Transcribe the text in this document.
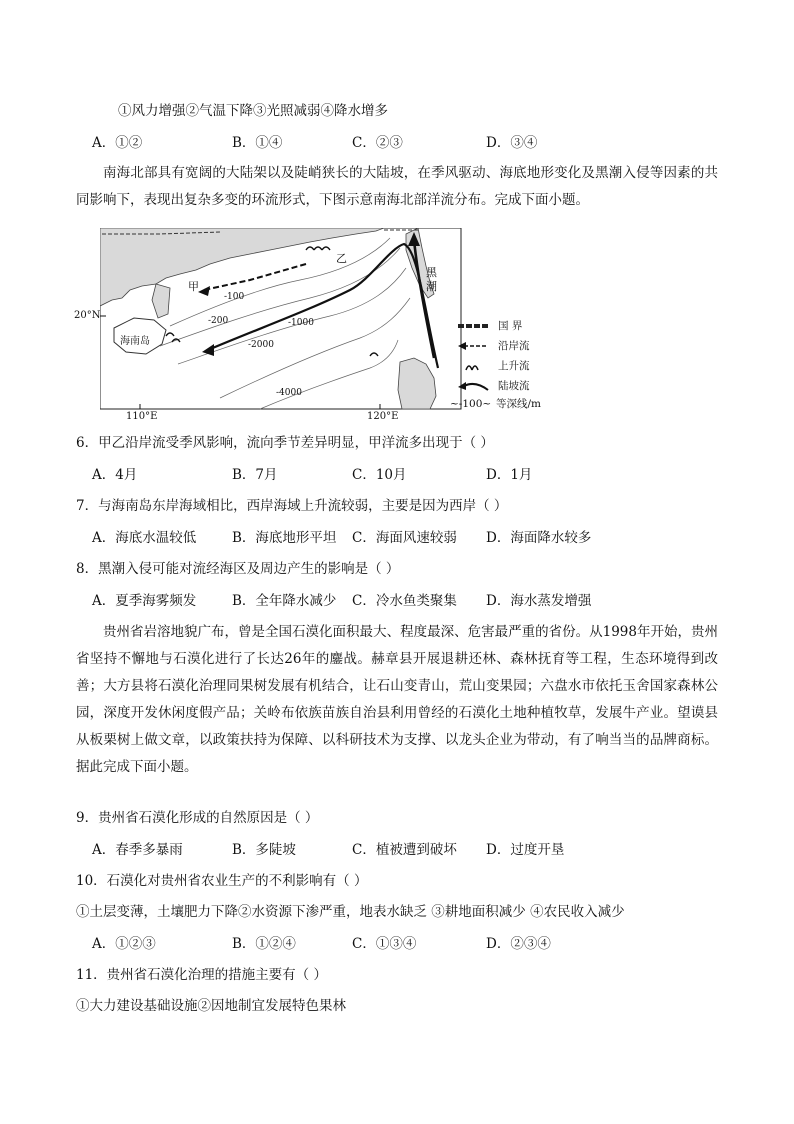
①风力增强②气温下降③光照减弱④降水增多
A．①②	B．①④	C．②③	D．③④
南海北部具有宽阔的大陆架以及陡峭狭长的大陆坡，在季风驱动、海底地形变化及黑潮入侵等因素的共同影响下，表现出复杂多变的环流形式，下图示意南海北部洋流分布。完成下面小题。
海南岛
甲
乙
黑潮
-100
-200	-1000
-2000
-4000
20°N
110°E	120°E
国 界
沿岸流
上升流
陆坡流
~-100~ 等深线/m
6．甲乙沿岸流受季风影响，流向季节差异明显，甲洋流多出现于（ ）
A．4月	B．7月	C．10月	D．1月
7．与海南岛东岸海域相比，西岸海域上升流较弱，主要是因为西岸（ ）
A．海底水温较低	B．海底地形平坦 C．海面风速较弱 D．海面降水较多
8．黑潮入侵可能对流经海区及周边产生的影响是（ ）
A．夏季海雾频发	B．全年降水减少 C．冷水鱼类聚集 D．海水蒸发增强
贵州省岩溶地貌广布，曾是全国石漠化面积最大、程度最深、危害最严重的省份。从1998年开始，贵州省坚持不懈地与石漠化进行了长达26年的鏖战。赫章县开展退耕还林、森林抚育等工程，生态环境得到改善；大方县将石漠化治理同果树发展有机结合，让石山变青山，荒山变果园；六盘水市依托玉舍国家森林公园，深度开发休闲度假产品；关岭布依族苗族自治县利用曾经的石漠化土地种植牧草，发展牛产业。望谟县从板栗树上做文章，以政策扶持为保障、以科研技术为支撑、以龙头企业为带动，有了响当当的品牌商标。据此完成下面小题。
9．贵州省石漠化形成的自然原因是（ ）
A．春季多暴雨	B．多陡坡	C．植被遭到破坏 D．过度开垦
10．石漠化对贵州省农业生产的不利影响有（ ）
①土层变薄，土壤肥力下降②水资源下渗严重，地表水缺乏 ③耕地面积减少 ④农民收入减少
A．①②③	B．①②④	C．①③④	D．②③④
11．贵州省石漠化治理的措施主要有（ ）
①大力建设基础设施②因地制宜发展特色果林
